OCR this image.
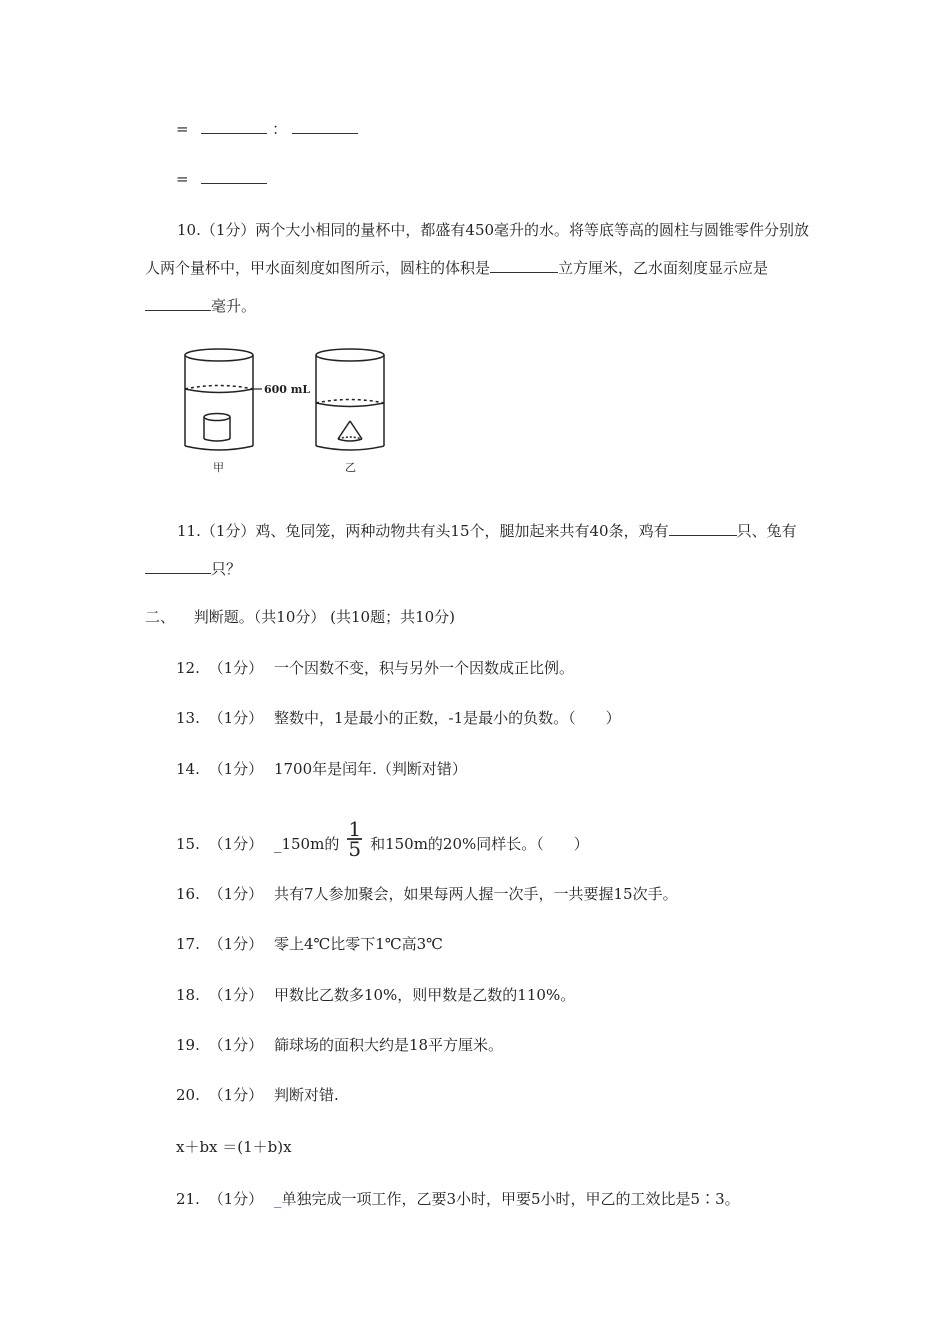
=	：
=
10.（1分）两个大小相同的量杯中，都盛有450毫升的水。将等底等高的圆柱与圆锥零件分别放人两个量杯中，甲水面刻度如图所示，圆柱的体积是	立方厘米，乙水面刻度显示应是毫升。
600 mL
甲	乙
11.（1分）鸡、兔同笼，两种动物共有头15个，腿加起来共有40条，鸡有	只、兔有只？
二、 判断题。（共10分） (共10题；共10分)
12. （1分） 一个因数不变，积与另外一个因数成正比例。
13. （1分） 整数中，1是最小的正数，-1是最小的负数。（　　）
14. （1分） 1700年是闰年.（判断对错）
15. （1分） _150m的 $\frac{1}{5}$ 和150m的20%同样长。（　　）
16. （1分） 共有7人参加聚会，如果每两人握一次手，一共要握15次手。
17. （1分） 零上4℃比零下1℃高3℃
18. （1分） 甲数比乙数多10%，则甲数是乙数的110%。
19. （1分） 篩球场的面积大约是18平方厘米。
20. （1分） 判断对错.
x＋bx ＝(1＋b)x
21. （1分） _单独完成一项工作，乙要3小时，甲要5小时，甲乙的工效比是5∶3。
